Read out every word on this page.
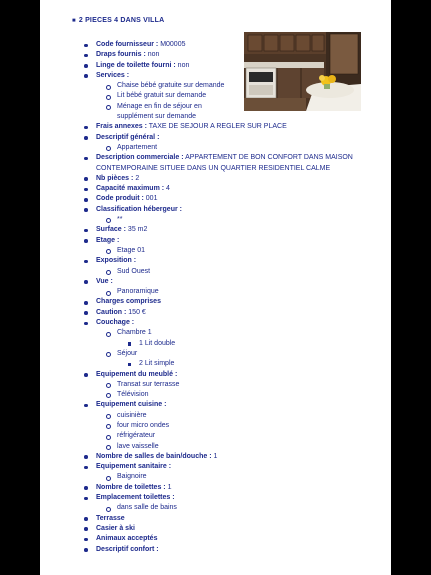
■ 2 PIECES 4 DANS VILLA
Code fournisseur : M00005
Draps fournis : non
Linge de toilette fourni : non
Services :
Chaise bébé gratuite sur demande
Lit bébé gratuit sur demande
Ménage en fin de séjour en
supplément sur demande
Frais annexes : TAXE DE SEJOUR A REGLER SUR PLACE
Descriptif général :
Appartement
Description commerciale : APPARTEMENT DE BON CONFORT DANS MAISON CONTEMPORAINE SITUEE DANS UN QUARTIER RESIDENTIEL CALME
Nb pièces : 2
Capacité maximum : 4
Code produit : 001
Classification hébergeur :
**
Surface : 35 m2
Etage :
Etage 01
Exposition :
Sud Ouest
Vue :
Panoramique
Charges comprises
Caution : 150 €
Couchage :
Chambre 1
1 Lit double
Séjour
2 Lit simple
Equipement du meublé :
Transat sur terrasse
Télévision
Equipement cuisine :
cuisinière
four micro ondes
réfrigérateur
lave vaisselle
Nombre de salles de bain/douche : 1
Equipement sanitaire :
Baignoire
Nombre de toilettes : 1
Emplacement toilettes :
dans salle de bains
Terrasse
Casier à ski
Animaux acceptés
Descriptif confort :
